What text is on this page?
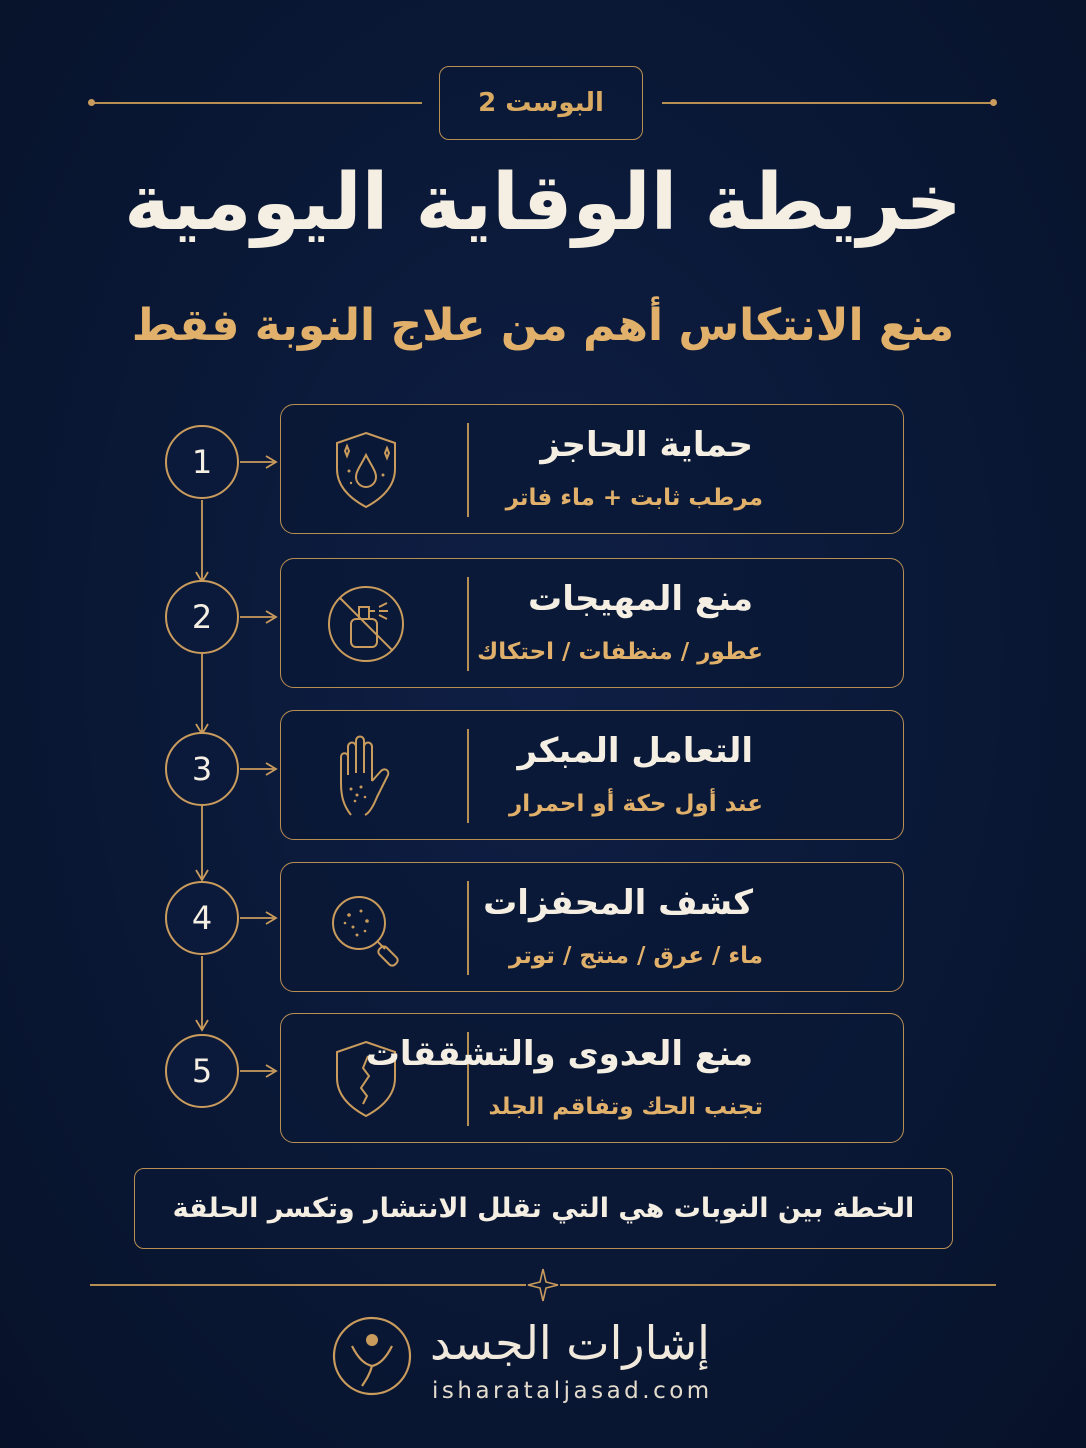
البوست 2
خريطة الوقاية اليومية
منع الانتكاس أهم من علاج النوبة فقط
1
2
3
4
5
حماية الحاجز
مرطب ثابت + ماء فاتر
منع المهيجات
عطور / منظفات / احتكاك
التعامل المبكر
عند أول حكة أو احمرار
كشف المحفزات
ماء / عرق / منتج / توتر
منع العدوى والتشققات
تجنب الحك وتفاقم الجلد
الخطة بين النوبات هي التي تقلل الانتشار وتكسر الحلقة
إشارات الجسد
isharataljasad.com
